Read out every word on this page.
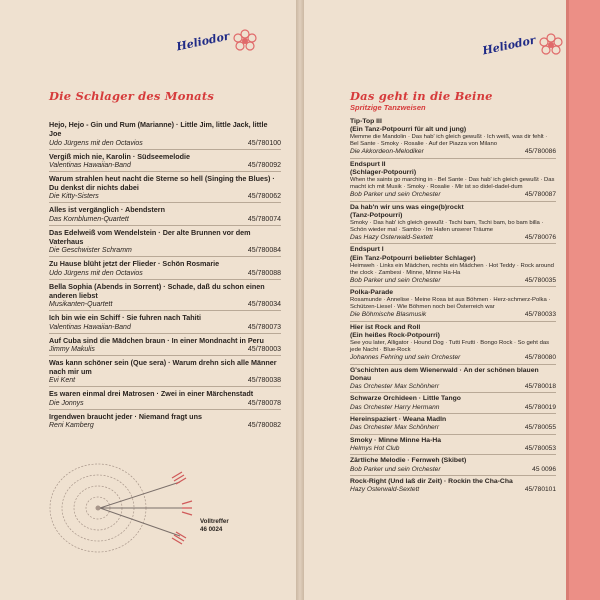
Heliodor
Die Schlager des Monats
Hejo, Hejo - Gin und Rum (Marianne) · Little Jim, little Jack, little Joe
Udo Jürgens mit den Octavios	45/780100
Vergiß mich nie, Karolin · Südseemelodie
Valentinas Hawaiian-Band	45/780092
Warum strahlen heut nacht die Sterne so hell (Singing the Blues) · Du denkst dir nichts dabei
Die Kitty-Sisters	45/780062
Alles ist vergänglich · Abendstern
Das Kornblumen-Quartett	45/780074
Das Edelweiß vom Wendelstein · Der alte Brunnen vor dem Vaterhaus
Die Geschwister Schramm	45/780084
Zu Hause blüht jetzt der Flieder · Schön Rosmarie
Udo Jürgens mit den Octavios	45/780088
Bella Sophia (Abends in Sorrent) · Schade, daß du schon einen anderen liebst
Musikanten-Quartett	45/780034
Ich bin wie ein Schiff · Sie fuhren nach Tahiti
Valentinas Hawaiian-Band	45/780073
Auf Cuba sind die Mädchen braun · In einer Mondnacht in Peru
Jimmy Makulis	45/780003
Was kann schöner sein (Que sera) · Warum drehn sich alle Männer nach mir um
Evi Kent	45/780038
Es waren einmal drei Matrosen · Zwei in einer Märchenstadt
Die Jonnys	45/780078
Irgendwen braucht jeder · Niemand fragt uns
Reni Kamberg	45/780082
Volltreffer
46 0024
Heliodor
Das geht in die Beine
Spritzige Tanzweisen
Tip-Top III
(Ein Tanz-Potpourri für alt und jung)
Memme die Mandolin · Das hab' ich gleich gewußt · Ich weiß, was dir fehlt · Bel Sante · Smoky · Rosalie · Auf der Piazza von Milano
Die Akkordeon-Melodiker	45/780086
Endspurt II
(Schlager-Potpourri)
When the saints go marching in · Bel Sante · Das hab' ich gleich gewußt · Das macht ich mit Musik · Smoky · Rosalie · Mir ist so didel-dadel-dum
Bob Parker und sein Orchester	45/780087
Da hab'n wir uns was einge(b)rockt
(Tanz-Potpourri)
Smoky · Das hab' ich gleich gewußt · Tschi bam, Tschi bam, bo bam billa · Schön wieder mal · Sambo · Im Hafen unserer Träume
Das Hazy Osterwald-Sextett	45/780076
Endspurt I
(Ein Tanz-Potpourri beliebter Schlager)
Heimweh · Links ein Mädchen, rechts ein Mädchen · Hot Teddy · Rock around the clock · Zambesi · Minne, Minne Ha-Ha
Bob Parker und sein Orchester	45/780035
Polka-Parade
Rosamunde · Annelise · Meine Rosa ist aus Böhmen · Herz-schmerz-Polka · Schützen-Liesel · Wie Böhmen noch bei Österreich war
Die Böhmische Blasmusik	45/780033
Hier ist Rock and Roll
(Ein heißes Rock-Potpourri)
See you later, Alligator · Hound Dog · Tutti Frutti · Bongo Rock · So geht das jede Nacht · Blue-Rock
Johannes Fehring und sein Orchester	45/780080
G'schichten aus dem Wienerwald · An der schönen blauen Donau
Das Orchester Max Schönherr	45/780018
Schwarze Orchideen · Little Tango
Das Orchester Harry Hermann	45/780019
Hereinspaziert · Weana Madln
Das Orchester Max Schönherr	45/780055
Smoky · Minne Minne Ha-Ha
Helmys Hot Club	45/780053
Zärtliche Melodie · Fernweh (Skibet)
Bob Parker und sein Orchester	45 0096
Rock-Right (Und laß dir Zeit) · Rockin the Cha-Cha
Hazy Osterwald-Sextett	45/780101
